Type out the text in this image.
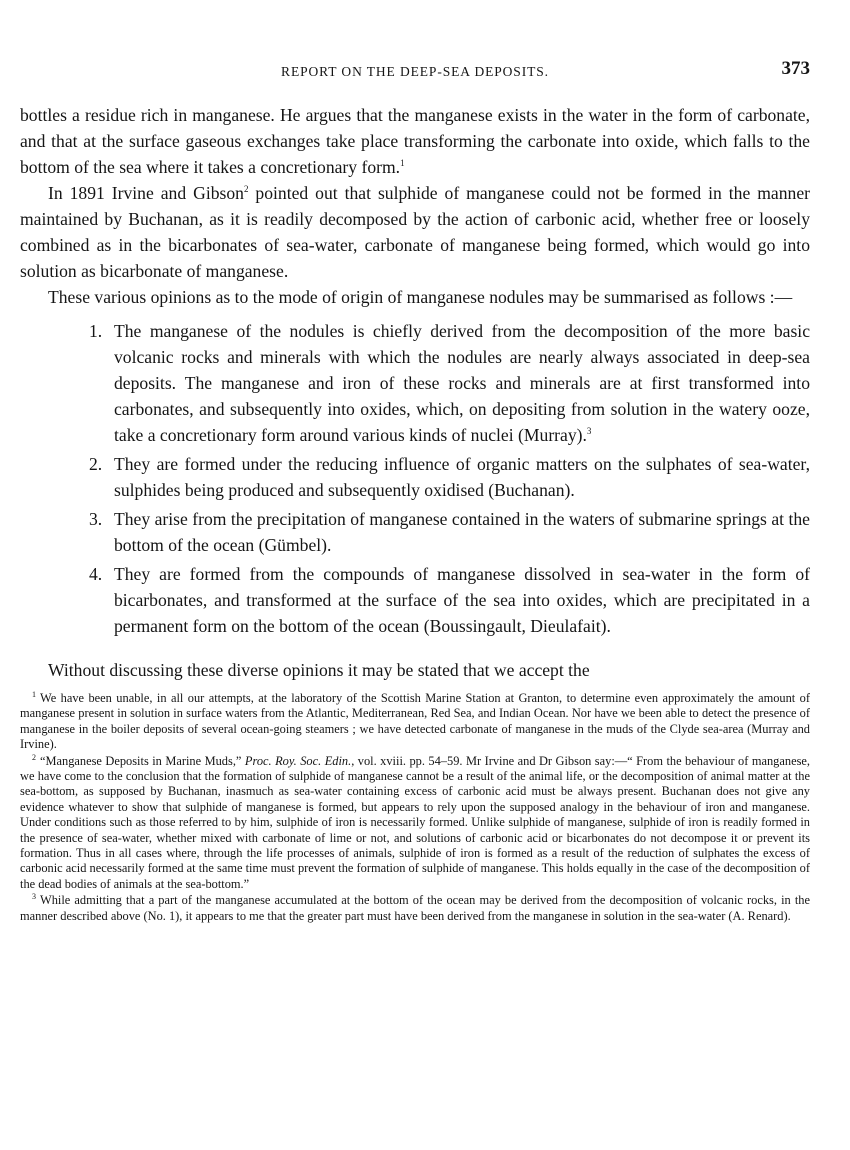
REPORT ON THE DEEP-SEA DEPOSITS.	373

bottles a residue rich in manganese. He argues that the manganese exists in the water in the form of carbonate, and that at the surface gaseous exchanges take place transforming the carbonate into oxide, which falls to the bottom of the sea where it takes a concretionary form.$^1$

In 1891 Irvine and Gibson$^2$ pointed out that sulphide of manganese could not be formed in the manner maintained by Buchanan, as it is readily decomposed by the action of carbonic acid, whether free or loosely combined as in the bicarbonates of sea-water, carbonate of manganese being formed, which would go into solution as bicarbonate of manganese.

These various opinions as to the mode of origin of manganese nodules may be summarised as follows :—

1. The manganese of the nodules is chiefly derived from the decomposition of the more basic volcanic rocks and minerals with which the nodules are nearly always associated in deep-sea deposits. The manganese and iron of these rocks and minerals are at first transformed into carbonates, and subsequently into oxides, which, on depositing from solution in the watery ooze, take a concretionary form around various kinds of nuclei (Murray).$^3$
2. They are formed under the reducing influence of organic matters on the sulphates of sea-water, sulphides being produced and subsequently oxidised (Buchanan).
3. They arise from the precipitation of manganese contained in the waters of submarine springs at the bottom of the ocean (Gümbel).
4. They are formed from the compounds of manganese dissolved in sea-water in the form of bicarbonates, and transformed at the surface of the sea into oxides, which are precipitated in a permanent form on the bottom of the ocean (Boussingault, Dieulafait).

Without discussing these diverse opinions it may be stated that we accept the

$^1$ We have been unable, in all our attempts, at the laboratory of the Scottish Marine Station at Granton, to determine even approximately the amount of manganese present in solution in surface waters from the Atlantic, Mediterranean, Red Sea, and Indian Ocean. Nor have we been able to detect the presence of manganese in the boiler deposits of several ocean-going steamers ; we have detected carbonate of manganese in the muds of the Clyde sea-area (Murray and Irvine).

$^2$ “Manganese Deposits in Marine Muds,” Proc. Roy. Soc. Edin., vol. xviii. pp. 54–59. Mr Irvine and Dr Gibson say:—“ From the behaviour of manganese, we have come to the conclusion that the formation of sulphide of manganese cannot be a result of the animal life, or the decomposition of animal matter at the sea-bottom, as supposed by Buchanan, inasmuch as sea-water containing excess of carbonic acid must be always present. Buchanan does not give any evidence whatever to show that sulphide of manganese is formed, but appears to rely upon the supposed analogy in the behaviour of iron and manganese. Under conditions such as those referred to by him, sulphide of iron is necessarily formed. Unlike sulphide of manganese, sulphide of iron is readily formed in the presence of sea-water, whether mixed with carbonate of lime or not, and solutions of carbonic acid or bicarbonates do not decompose it or prevent its formation. Thus in all cases where, through the life processes of animals, sulphide of iron is formed as a result of the reduction of sulphates the excess of carbonic acid necessarily formed at the same time must prevent the formation of sulphide of manganese. This holds equally in the case of the decomposition of the dead bodies of animals at the sea-bottom.”

$^3$ While admitting that a part of the manganese accumulated at the bottom of the ocean may be derived from the decomposition of volcanic rocks, in the manner described above (No. 1), it appears to me that the greater part must have been derived from the manganese in solution in the sea-water (A. Renard).
